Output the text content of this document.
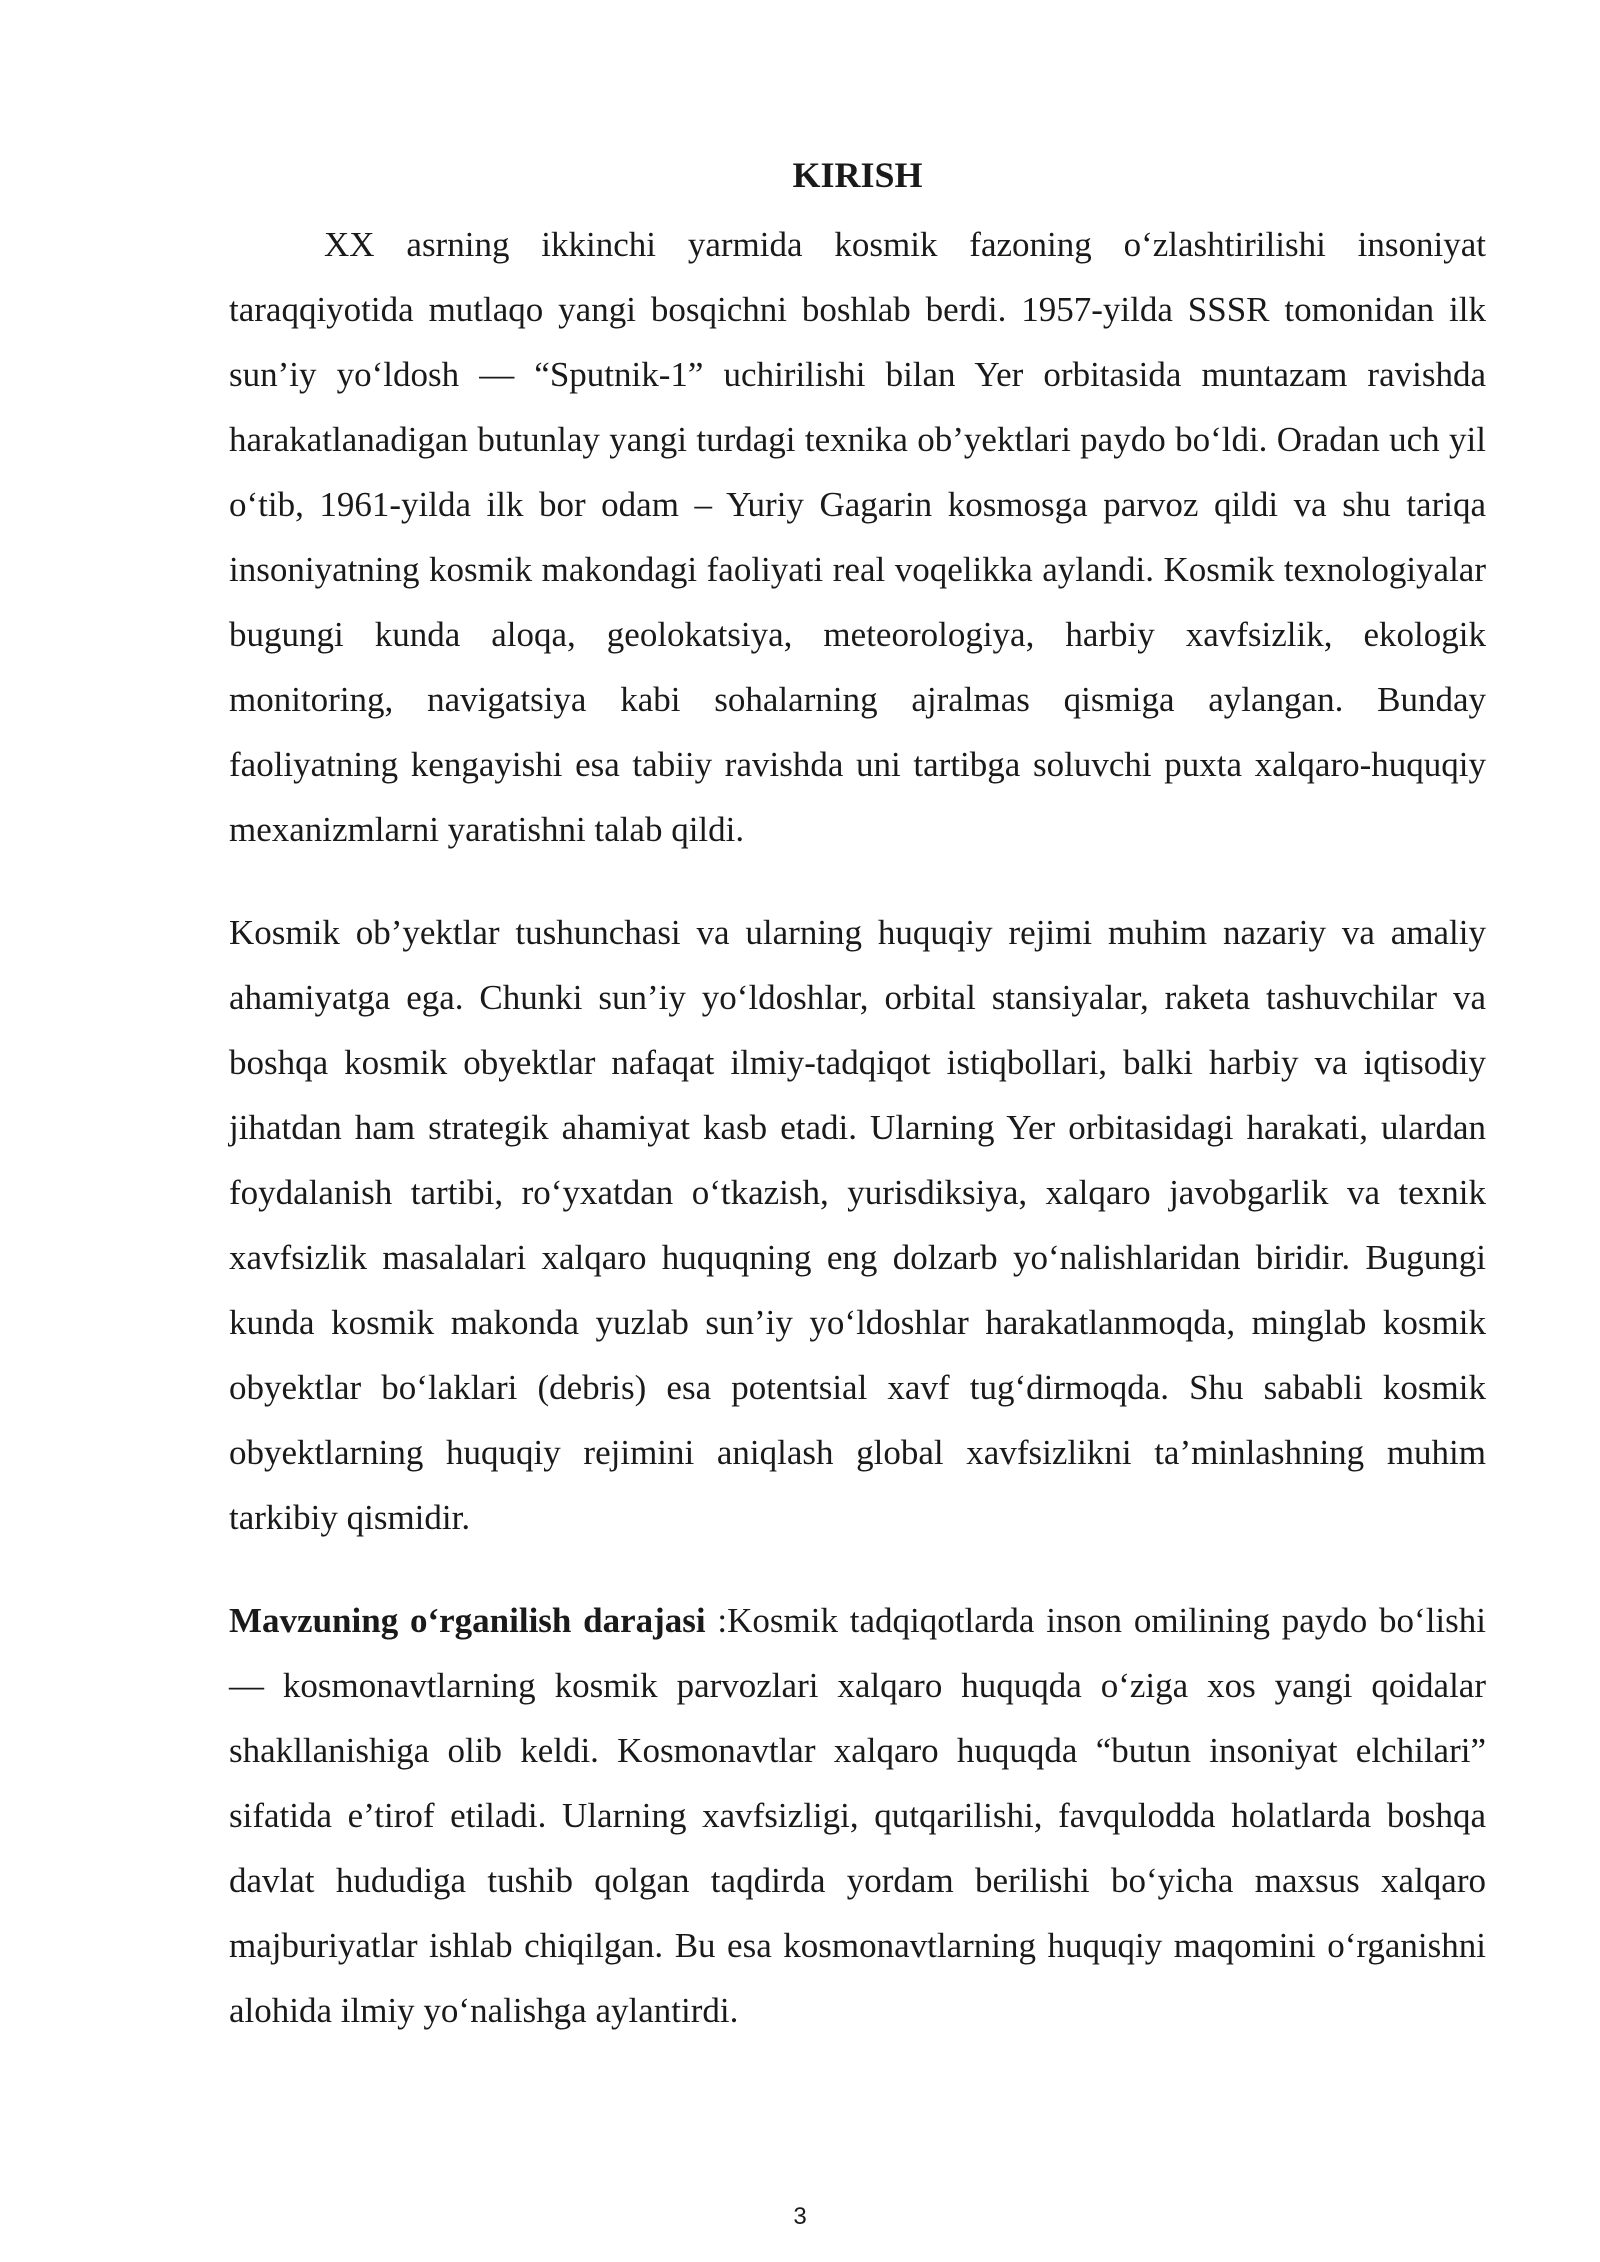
KIRISH

XX asrning ikkinchi yarmida kosmik fazoning o‘zlashtirilishi insoniyat taraqqiyotida mutlaqo yangi bosqichni boshlab berdi. 1957-yilda SSSR tomonidan ilk sun’iy yo‘ldosh — “Sputnik-1” uchirilishi bilan Yer orbitasida muntazam ravishda harakatlanadigan butunlay yangi turdagi texnika ob’yektlari paydo bo‘ldi. Oradan uch yil o‘tib, 1961-yilda ilk bor odam – Yuriy Gagarin kosmosga parvoz qildi va shu tariqa insoniyatning kosmik makondagi faoliyati real voqelikka aylandi. Kosmik texnologiyalar bugungi kunda aloqa, geolokatsiya, meteorologiya, harbiy xavfsizlik, ekologik monitoring, navigatsiya kabi sohalarning ajralmas qismiga aylangan. Bunday faoliyatning kengayishi esa tabiiy ravishda uni tartibga soluvchi puxta xalqaro-huquqiy mexanizmlarni yaratishni talab qildi.

Kosmik ob’yektlar tushunchasi va ularning huquqiy rejimi muhim nazariy va amaliy ahamiyatga ega. Chunki sun’iy yo‘ldoshlar, orbital stansiyalar, raketa tashuvchilar va boshqa kosmik obyektlar nafaqat ilmiy-tadqiqot istiqbollari, balki harbiy va iqtisodiy jihatdan ham strategik ahamiyat kasb etadi. Ularning Yer orbitasidagi harakati, ulardan foydalanish tartibi, ro‘yxatdan o‘tkazish, yurisdiksiya, xalqaro javobgarlik va texnik xavfsizlik masalalari xalqaro huquqning eng dolzarb yo‘nalishlaridan biridir. Bugungi kunda kosmik makonda yuzlab sun’iy yo‘ldoshlar harakatlanmoqda, minglab kosmik obyektlar bo‘laklari (debris) esa potentsial xavf tug‘dirmoqda. Shu sababli kosmik obyektlarning huquqiy rejimini aniqlash global xavfsizlikni ta’minlashning muhim tarkibiy qismidir.

Mavzuning o‘rganilish darajasi :Kosmik tadqiqotlarda inson omilining paydo bo‘lishi — kosmonavtlarning kosmik parvozlari xalqaro huquqda o‘ziga xos yangi qoidalar shakllanishiga olib keldi. Kosmonavtlar xalqaro huquqda “butun insoniyat elchilari” sifatida e’tirof etiladi. Ularning xavfsizligi, qutqarilishi, favqulodda holatlarda boshqa davlat hududiga tushib qolgan taqdirda yordam berilishi bo‘yicha maxsus xalqaro majburiyatlar ishlab chiqilgan. Bu esa kosmonavtlarning huquqiy maqomini o‘rganishni alohida ilmiy yo‘nalishga aylantirdi.

3
